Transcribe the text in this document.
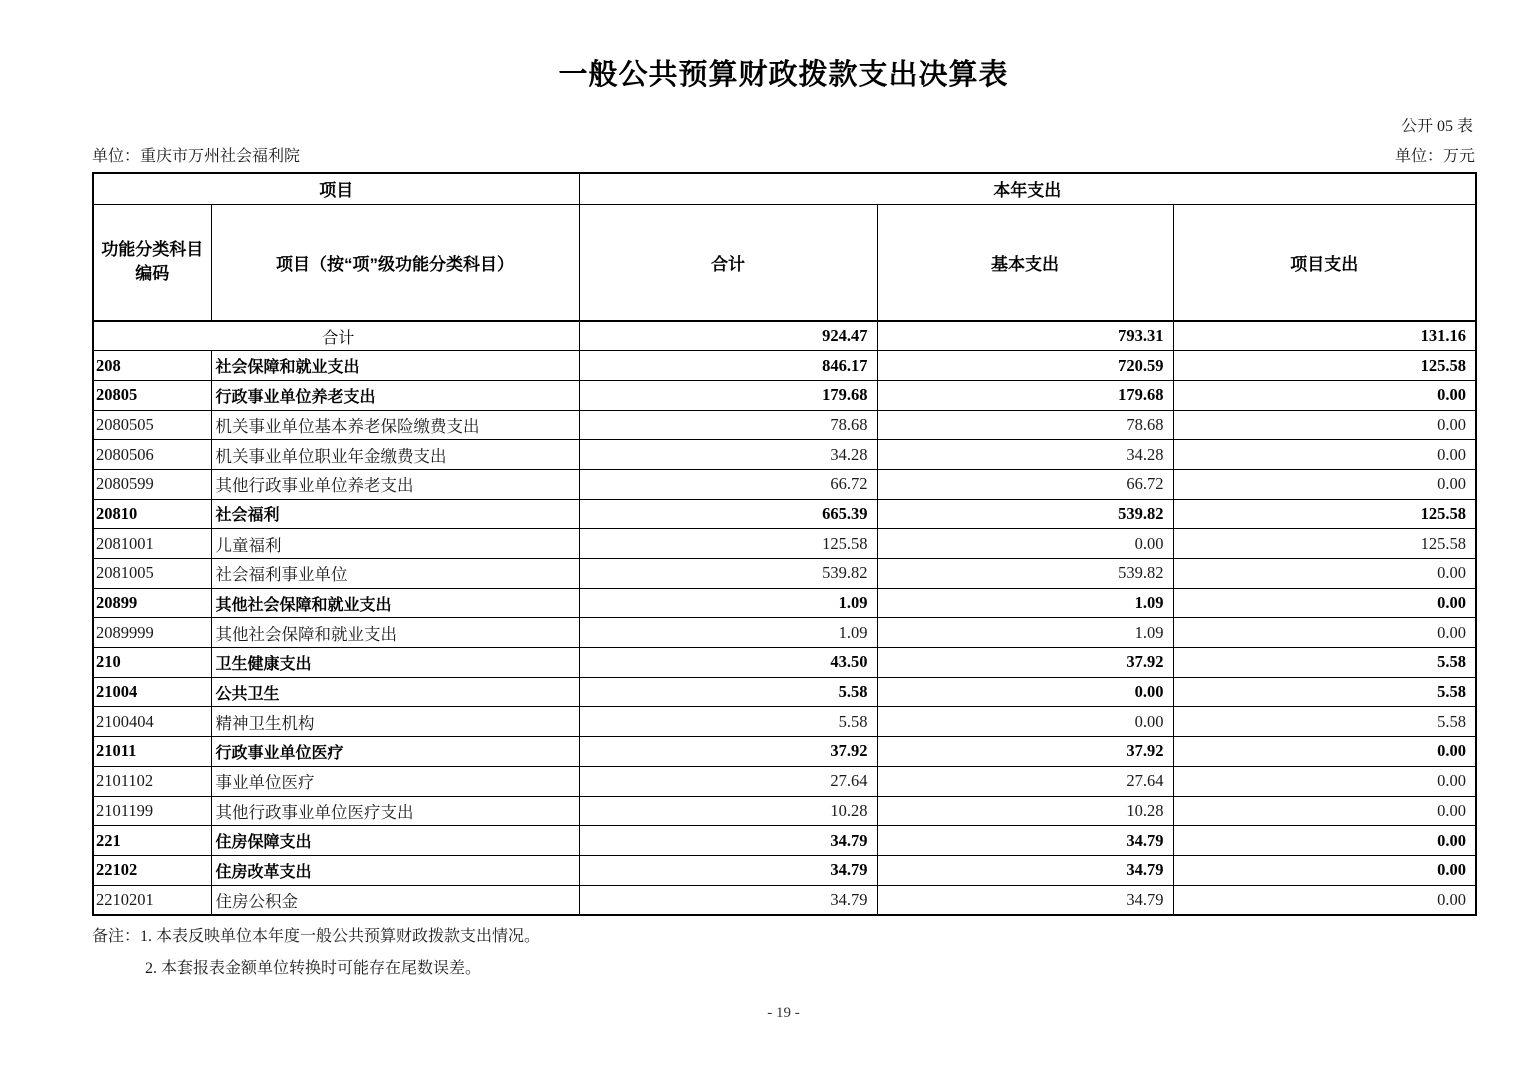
一般公共预算财政拨款支出决算表
公开 05 表
单位：重庆市万州社会福利院	单位：万元
项目		本年支出		

功能分类科目
编码	项目（按“项”级功能分类科目）	合计	基本支出	项目支出
合计		924.47	793.31	131.16
208	社会保障和就业支出	846.17	720.59	125.58
20805	行政事业单位养老支出	179.68	179.68	0.00
2080505	机关事业单位基本养老保险缴费支出	78.68	78.68	0.00
2080506	机关事业单位职业年金缴费支出	34.28	34.28	0.00
2080599	其他行政事业单位养老支出	66.72	66.72	0.00
20810	社会福利	665.39	539.82	125.58
2081001	儿童福利	125.58	0.00	125.58
2081005	社会福利事业单位	539.82	539.82	0.00
20899	其他社会保障和就业支出	1.09	1.09	0.00
2089999	其他社会保障和就业支出	1.09	1.09	0.00
210	卫生健康支出	43.50	37.92	5.58
21004	公共卫生	5.58	0.00	5.58
2100404	精神卫生机构	5.58	0.00	5.58
21011	行政事业单位医疗	37.92	37.92	0.00
2101102	事业单位医疗	27.64	27.64	0.00
2101199	其他行政事业单位医疗支出	10.28	10.28	0.00
221	住房保障支出	34.79	34.79	0.00
22102	住房改革支出	34.79	34.79	0.00
2210201	住房公积金	34.79	34.79	0.00
备注：1. 本表反映单位本年度一般公共预算财政拨款支出情况。
2. 本套报表金额单位转换时可能存在尾数误差。
- 19 -
